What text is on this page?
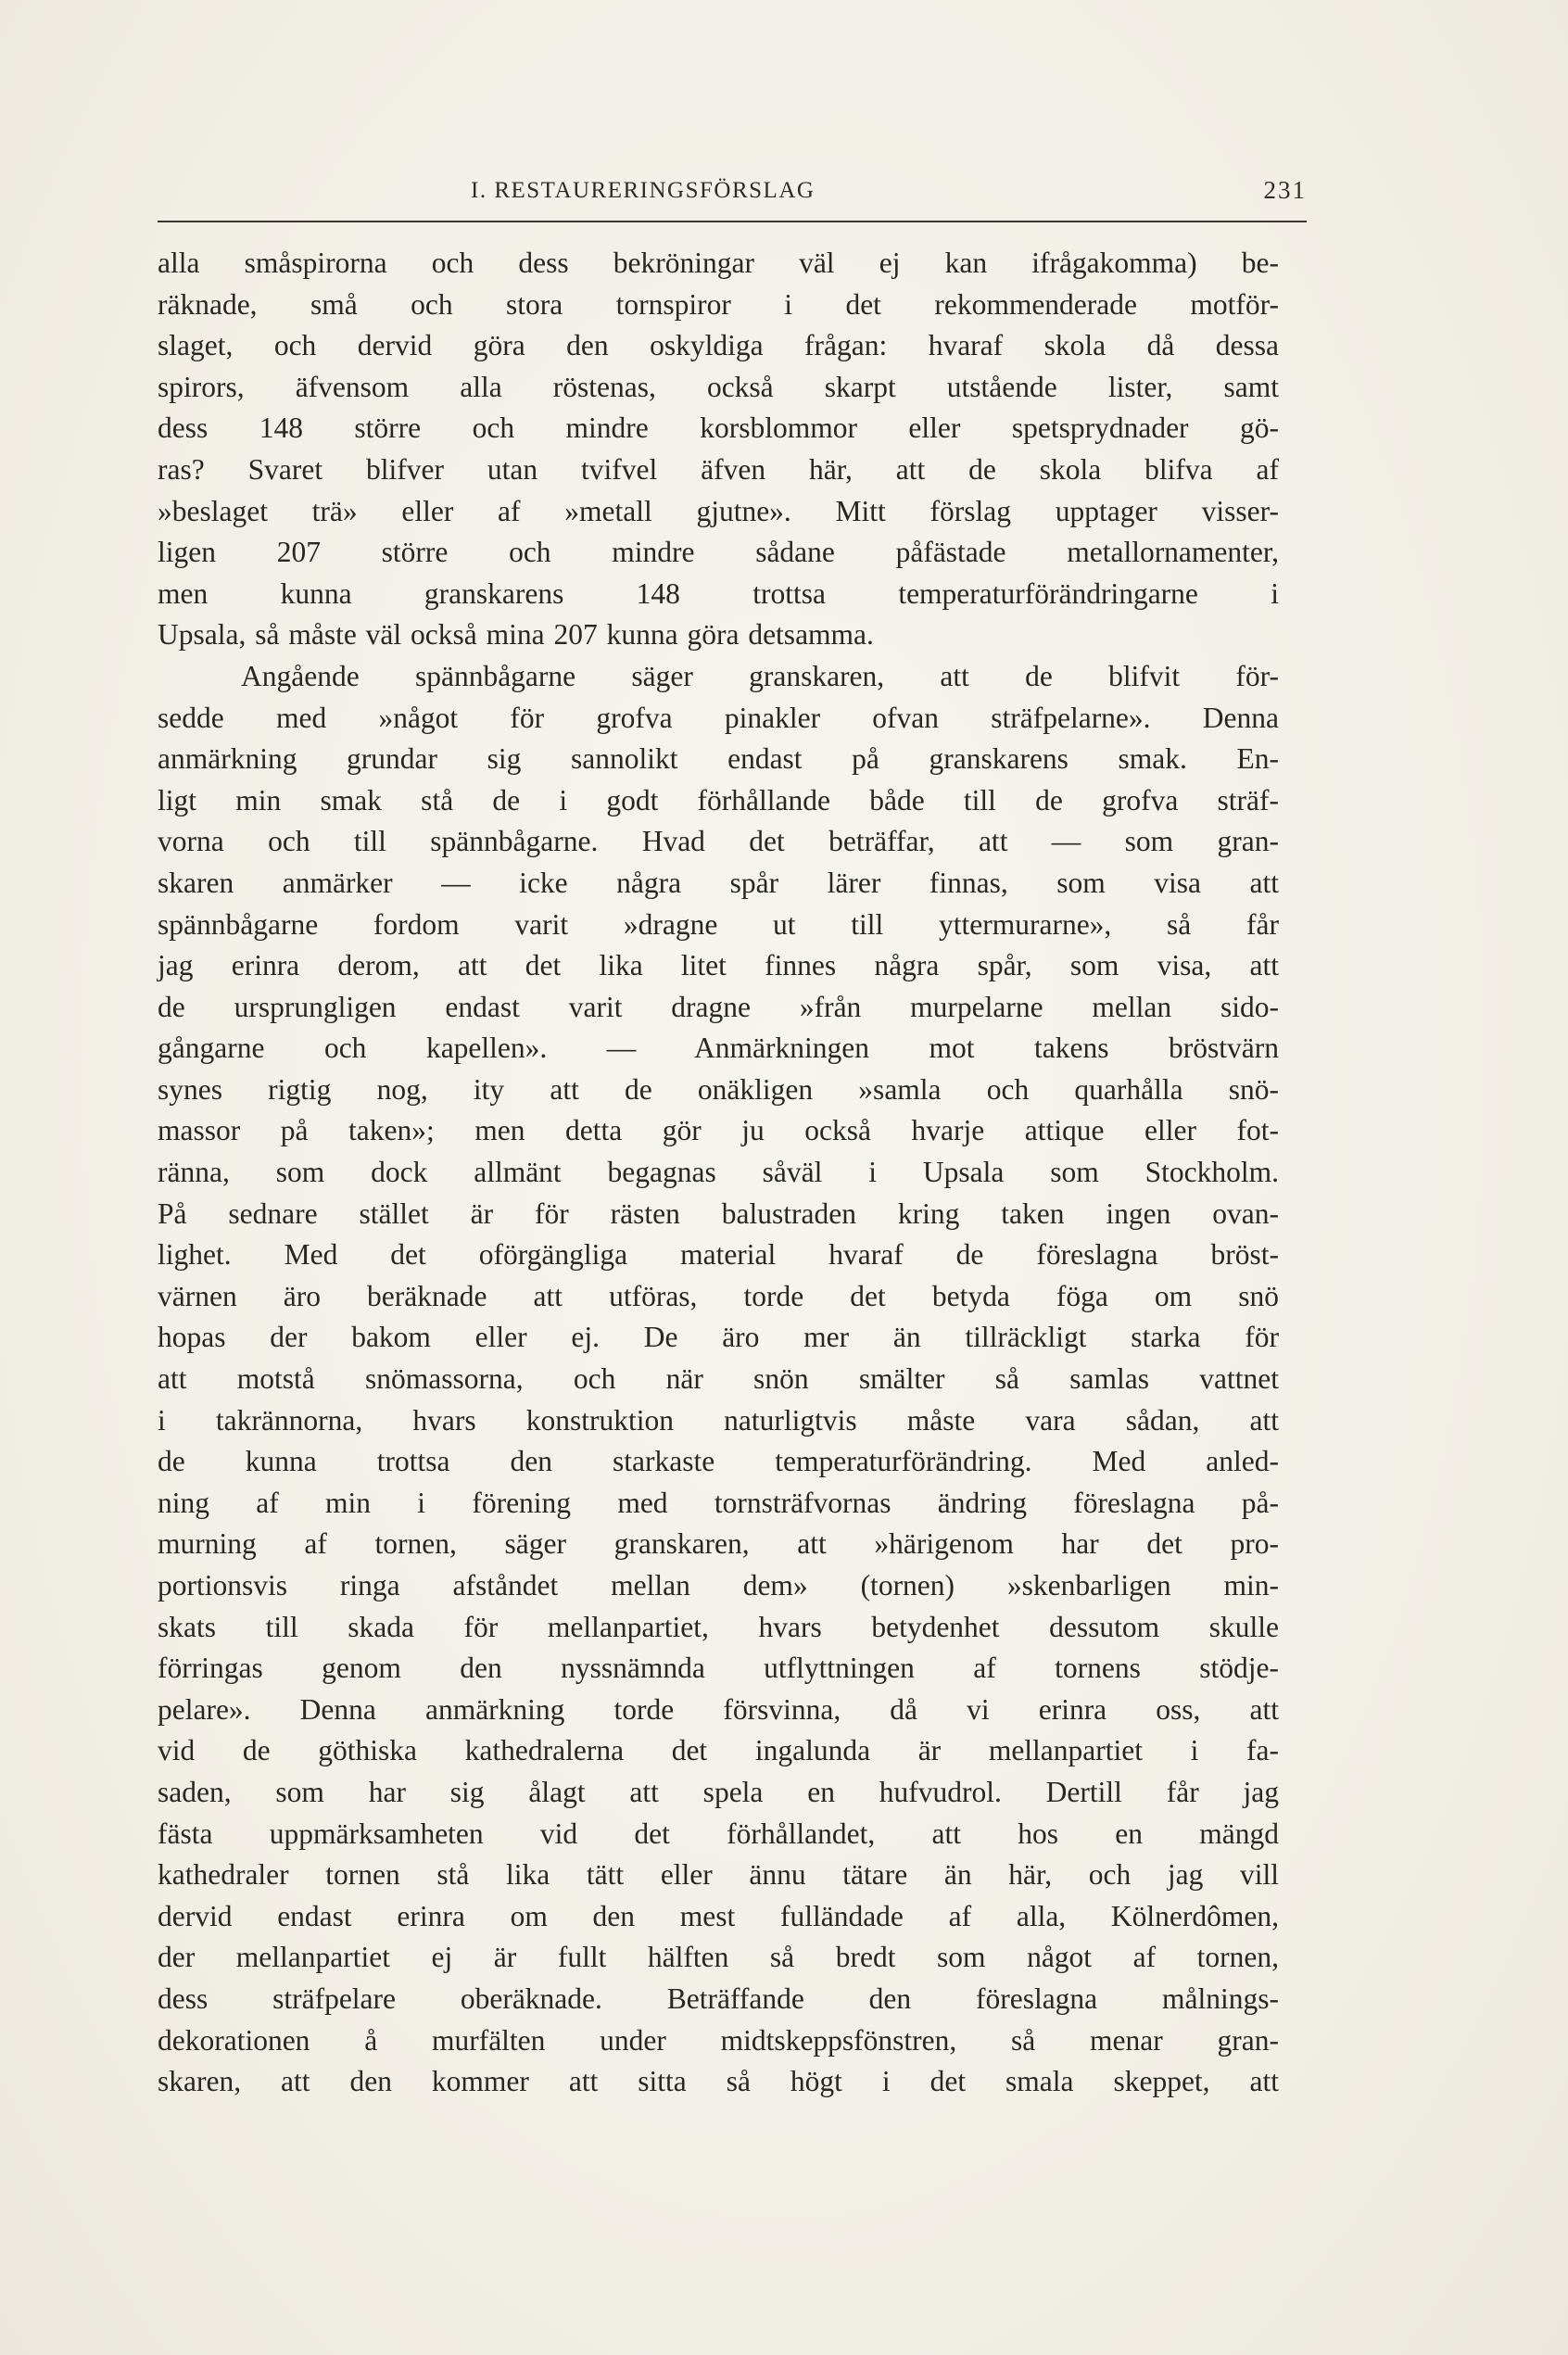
I. RESTAURERINGSFÖRSLAG	231
alla småspirorna och dess bekröningar väl ej kan ifrågakomma) be-
räknade, små och stora tornspiror i det rekommenderade motför-
slaget, och dervid göra den oskyldiga frågan: hvaraf skola då dessa
spirors, äfvensom alla röstenas, också skarpt utstående lister, samt
dess 148 större och mindre korsblommor eller spetsprydnader gö-
ras? Svaret blifver utan tvifvel äfven här, att de skola blifva af
»beslaget trä» eller af »metall gjutne». Mitt förslag upptager visser-
ligen 207 större och mindre sådane påfästade metallornamenter,
men kunna granskarens 148 trottsa temperaturförändringarne i
Upsala, så måste väl också mina 207 kunna göra detsamma.
Angående spännbågarne säger granskaren, att de blifvit för-
sedde med »något för grofva pinakler ofvan sträfpelarne». Denna
anmärkning grundar sig sannolikt endast på granskarens smak. En-
ligt min smak stå de i godt förhållande både till de grofva sträf-
vorna och till spännbågarne. Hvad det beträffar, att — som gran-
skaren anmärker — icke några spår lärer finnas, som visa att
spännbågarne fordom varit »dragne ut till yttermurarne», så får
jag erinra derom, att det lika litet finnes några spår, som visa, att
de ursprungligen endast varit dragne »från murpelarne mellan sido-
gångarne och kapellen». — Anmärkningen mot takens bröstvärn
synes rigtig nog, ity att de onäkligen »samla och quarhålla snö-
massor på taken»; men detta gör ju också hvarje attique eller fot-
ränna, som dock allmänt begagnas såväl i Upsala som Stockholm.
På sednare stället är för rästen balustraden kring taken ingen ovan-
lighet. Med det oförgängliga material hvaraf de föreslagna bröst-
värnen äro beräknade att utföras, torde det betyda föga om snö
hopas der bakom eller ej. De äro mer än tillräckligt starka för
att motstå snömassorna, och när snön smälter så samlas vattnet
i takrännorna, hvars konstruktion naturligtvis måste vara sådan, att
de kunna trottsa den starkaste temperaturförändring. Med anled-
ning af min i förening med tornsträfvornas ändring föreslagna på-
murning af tornen, säger granskaren, att »härigenom har det pro-
portionsvis ringa afståndet mellan dem» (tornen) »skenbarligen min-
skats till skada för mellanpartiet, hvars betydenhet dessutom skulle
förringas genom den nyssnämnda utflyttningen af tornens stödje-
pelare». Denna anmärkning torde försvinna, då vi erinra oss, att
vid de göthiska kathedralerna det ingalunda är mellanpartiet i fa-
saden, som har sig ålagt att spela en hufvudrol. Dertill får jag
fästa uppmärksamheten vid det förhållandet, att hos en mängd
kathedraler tornen stå lika tätt eller ännu tätare än här, och jag vill
dervid endast erinra om den mest fulländade af alla, Kölnerdômen,
der mellanpartiet ej är fullt hälften så bredt som något af tornen,
dess sträfpelare oberäknade. Beträffande den föreslagna målnings-
dekorationen å murfälten under midtskeppsfönstren, så menar gran-
skaren, att den kommer att sitta så högt i det smala skeppet, att
